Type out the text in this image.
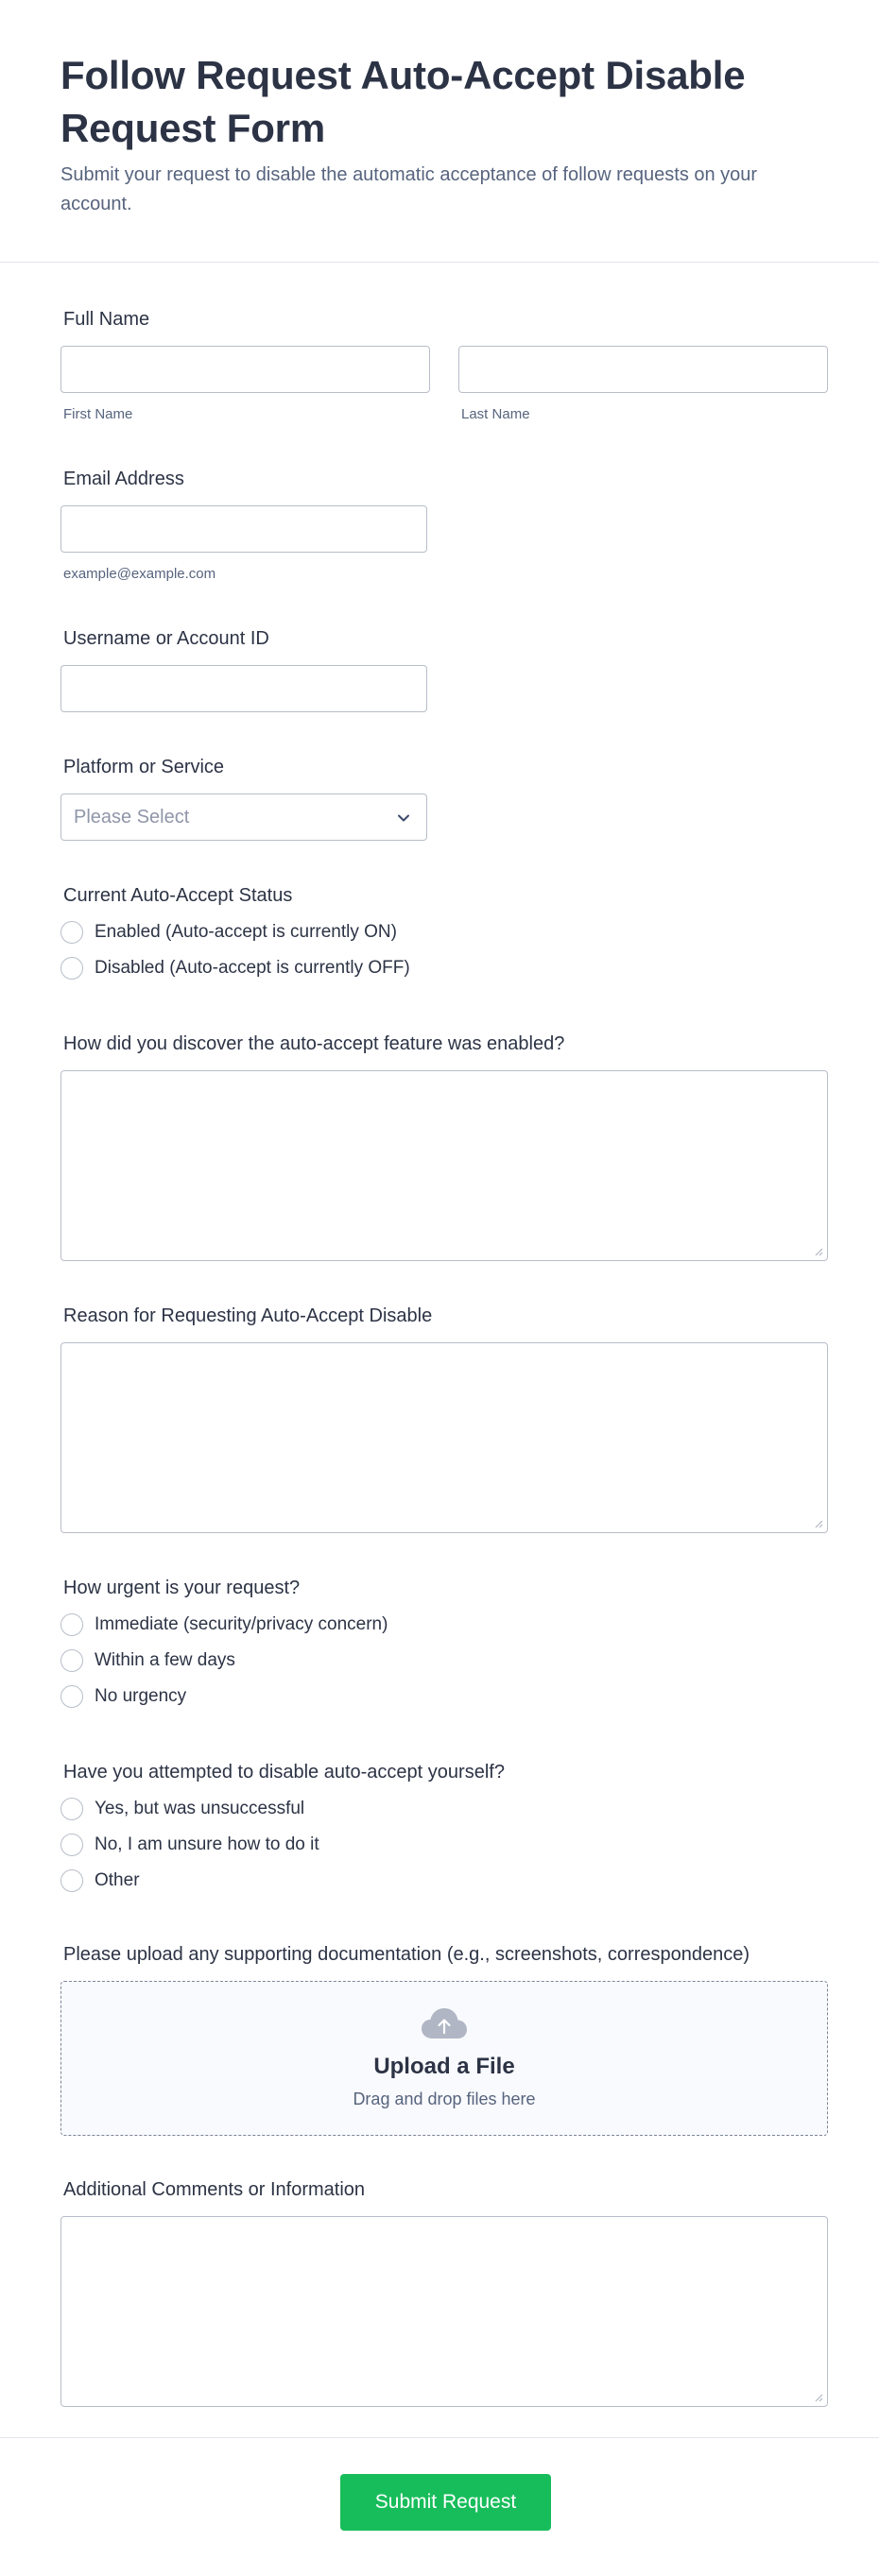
Follow Request Auto-Accept Disable Request Form

Submit your request to disable the automatic acceptance of follow requests on your account.

Full Name
First Name	Last Name
Email Address
example@example.com
Username or Account ID
Platform or Service
Please Select
Current Auto-Accept Status
Enabled (Auto-accept is currently ON)
Disabled (Auto-accept is currently OFF)
How did you discover the auto-accept feature was enabled?
Reason for Requesting Auto-Accept Disable
How urgent is your request?
Immediate (security/privacy concern)
Within a few days
No urgency
Have you attempted to disable auto-accept yourself?
Yes, but was unsuccessful
No, I am unsure how to do it
Other
Please upload any supporting documentation (e.g., screenshots, correspondence)
Upload a File
Drag and drop files here
Additional Comments or Information
Submit Request
